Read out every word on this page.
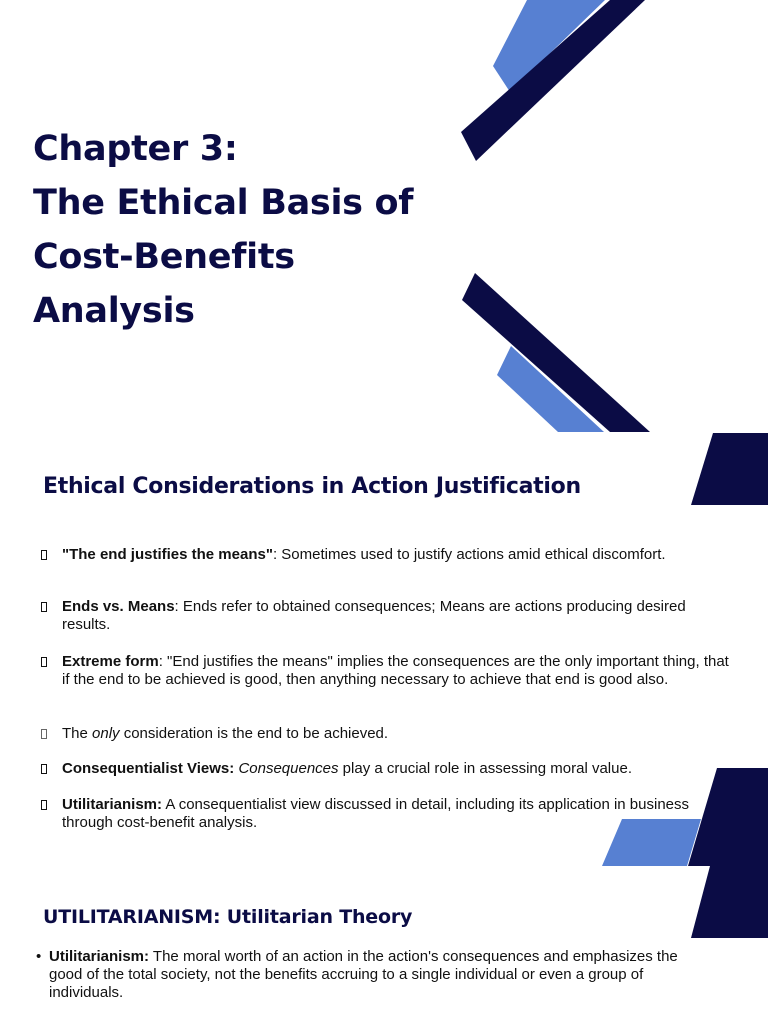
Chapter 3:
The Ethical Basis of
Cost-Benefits
Analysis
Ethical Considerations in Action Justification
"The end justifies the means": Sometimes used to justify actions amid ethical discomfort.
Ends vs. Means: Ends refer to obtained consequences; Means are actions producing desired results.
Extreme form: "End justifies the means" implies the consequences are the only important thing, that if the end to be achieved is good, then anything necessary to achieve that end is good also.
The only consideration is the end to be achieved.
Consequentialist Views: Consequences play a crucial role in assessing moral value.
Utilitarianism: A consequentialist view discussed in detail, including its application in business through cost-benefit analysis.
UTILITARIANISM: Utilitarian Theory
• Utilitarianism: The moral worth of an action in the action's consequences and emphasizes the good of the total society, not the benefits accruing to a single individual or even a group of individuals.
